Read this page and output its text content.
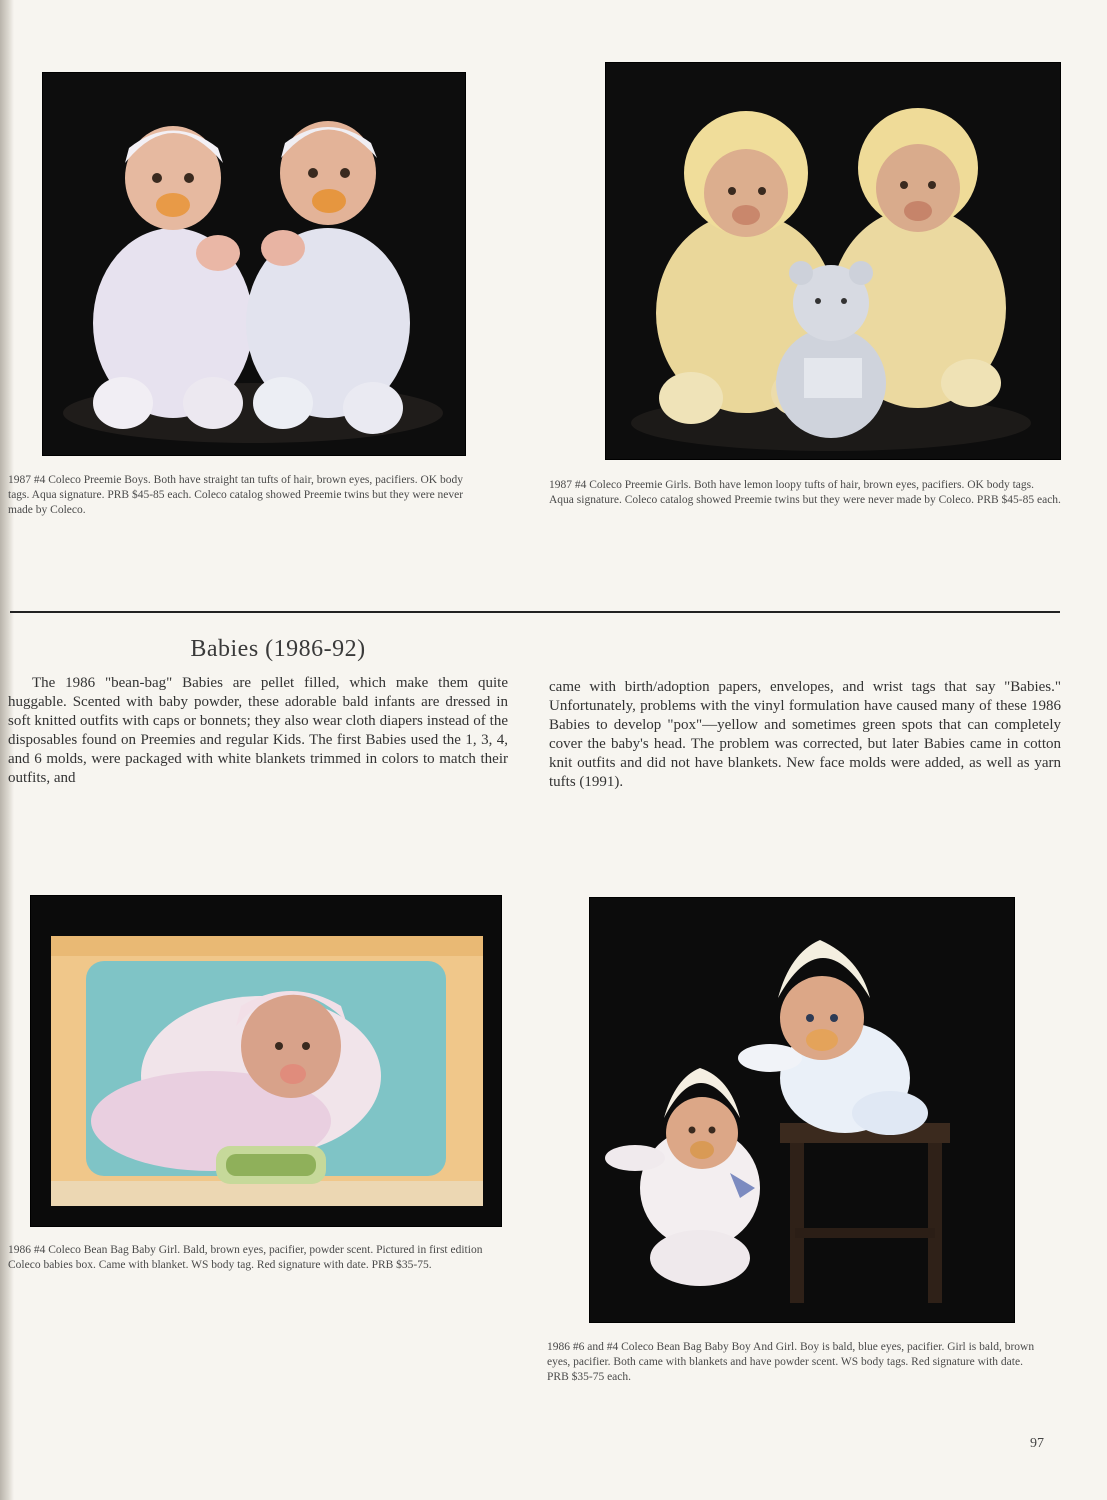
1987 #4 Coleco Preemie Boys. Both have straight tan tufts of hair, brown eyes, pacifiers. OK body tags. Aqua signature. PRB $45-85 each. Coleco catalog showed Preemie twins but they were never made by Coleco.
1987 #4 Coleco Preemie Girls. Both have lemon loopy tufts of hair, brown eyes, pacifiers. OK body tags. Aqua signature. Coleco catalog showed Preemie twins but they were never made by Coleco. PRB $45-85 each.
Babies (1986-92)
The 1986 "bean-bag" Babies are pellet filled, which make them quite huggable. Scented with baby powder, these adorable bald infants are dressed in soft knitted outfits with caps or bonnets; they also wear cloth diapers instead of the disposables found on Preemies and regular Kids. The first Babies used the 1, 3, 4, and 6 molds, were packaged with white blankets trimmed in colors to match their outfits, and
came with birth/adoption papers, envelopes, and wrist tags that say "Babies." Unfortunately, problems with the vinyl formulation have caused many of these 1986 Babies to develop "pox"—yellow and sometimes green spots that can completely cover the baby's head. The problem was corrected, but later Babies came in cotton knit outfits and did not have blankets. New face molds were added, as well as yarn tufts (1991).
1986 #4 Coleco Bean Bag Baby Girl. Bald, brown eyes, pacifier, powder scent. Pictured in first edition Coleco babies box. Came with blanket. WS body tag. Red signature with date. PRB $35-75.
1986 #6 and #4 Coleco Bean Bag Baby Boy And Girl. Boy is bald, blue eyes, pacifier. Girl is bald, brown eyes, pacifier. Both came with blankets and have powder scent. WS body tags. Red signature with date. PRB $35-75 each.
97
